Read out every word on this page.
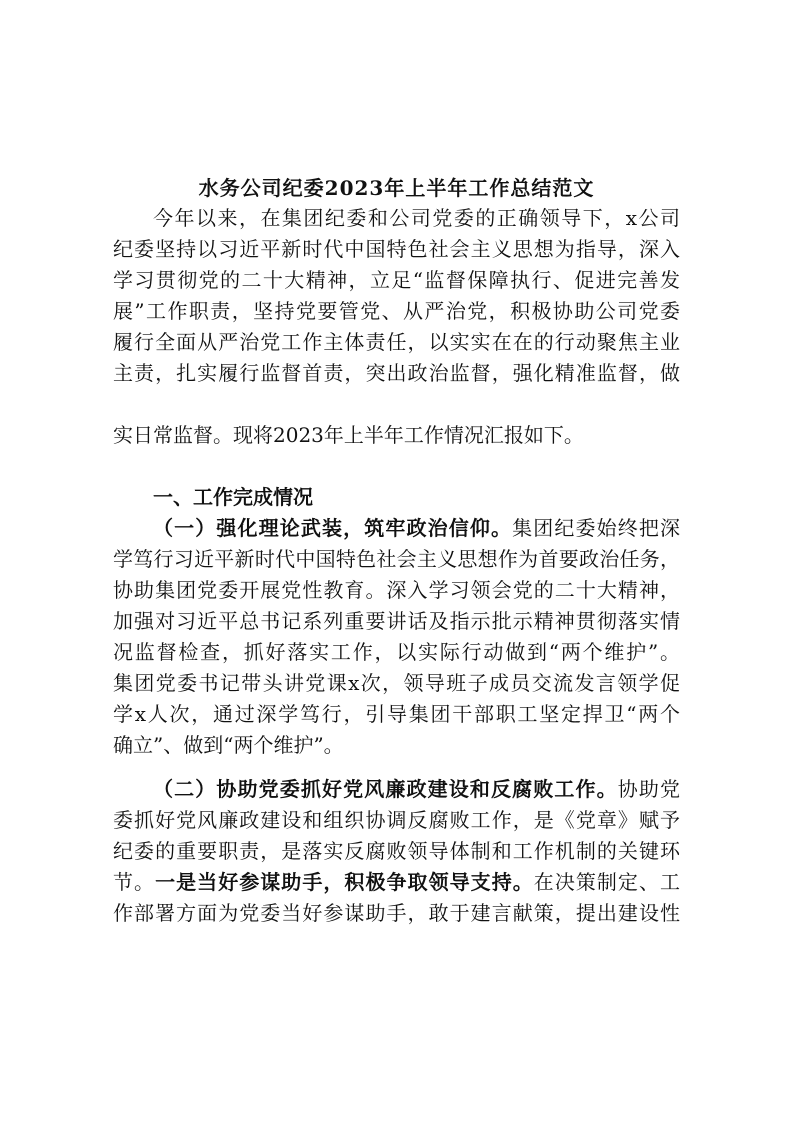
水务公司纪委2023年上半年工作总结范文
今年以来，在集团纪委和公司党委的正确领导下，x公司
纪委坚持以习近平新时代中国特色社会主义思想为指导，深入
学习贯彻党的二十大精神，立足“监督保障执行、促进完善发
展”工作职责，坚持党要管党、从严治党，积极协助公司党委
履行全面从严治党工作主体责任，以实实在在的行动聚焦主业
主责，扎实履行监督首责，突出政治监督，强化精准监督，做
实日常监督。现将2023年上半年工作情况汇报如下。
一、工作完成情况
（一）强化理论武装，筑牢政治信仰。集团纪委始终把深
学笃行习近平新时代中国特色社会主义思想作为首要政治任务，
协助集团党委开展党性教育。深入学习领会党的二十大精神，
加强对习近平总书记系列重要讲话及指示批示精神贯彻落实情
况监督检查，抓好落实工作，以实际行动做到“两个维护”。
集团党委书记带头讲党课x次，领导班子成员交流发言领学促
学x人次，通过深学笃行，引导集团干部职工坚定捍卫“两个
确立”、做到“两个维护”。
（二）协助党委抓好党风廉政建设和反腐败工作。协助党
委抓好党风廉政建设和组织协调反腐败工作，是《党章》赋予
纪委的重要职责，是落实反腐败领导体制和工作机制的关键环
节。一是当好参谋助手，积极争取领导支持。在决策制定、工
作部署方面为党委当好参谋助手，敢于建言献策，提出建设性
